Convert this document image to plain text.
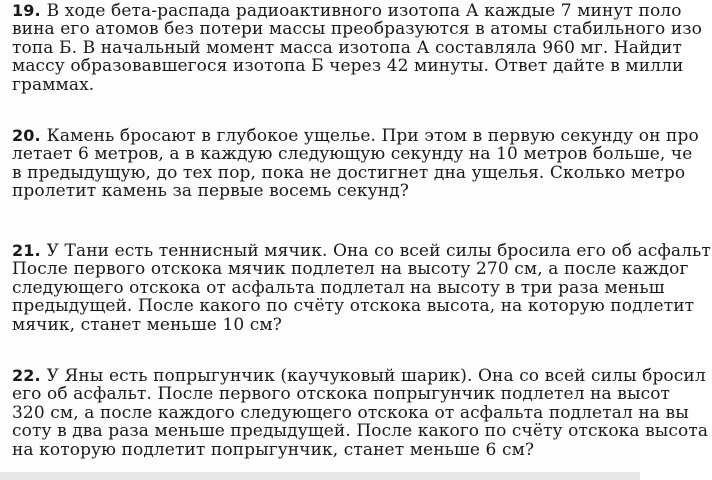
19. В ходе бета-распада радиоактивного изотопа А каждые 7 минут поло
вина его атомов без потери массы преобразуются в атомы стабильного изо
топа Б. В начальный момент масса изотопа А составляла 960 мг. Найдит
массу образовавшегося изотопа Б через 42 минуты. Ответ дайте в милли
граммах.
20. Камень бросают в глубокое ущелье. При этом в первую секунду он про
летает 6 метров, а в каждую следующую секунду на 10 метров больше, че
в предыдущую, до тех пор, пока не достигнет дна ущелья. Сколько метро
пролетит камень за первые восемь секунд?
21. У Тани есть теннисный мячик. Она со всей силы бросила его об асфальт
После первого отскока мячик подлетел на высоту 270 см, а после каждог
следующего отскока от асфальта подлетал на высоту в три раза меньш
предыдущей. После какого по счёту отскока высота, на которую подлетит
мячик, станет меньше 10 см?
22. У Яны есть попрыгунчик (каучуковый шарик). Она со всей силы бросил
его об асфальт. После первого отскока попрыгунчик подлетел на высот
320 см, а после каждого следующего отскока от асфальта подлетал на вы
соту в два раза меньше предыдущей. После какого по счёту отскока высота
на которую подлетит попрыгунчик, станет меньше 6 см?
